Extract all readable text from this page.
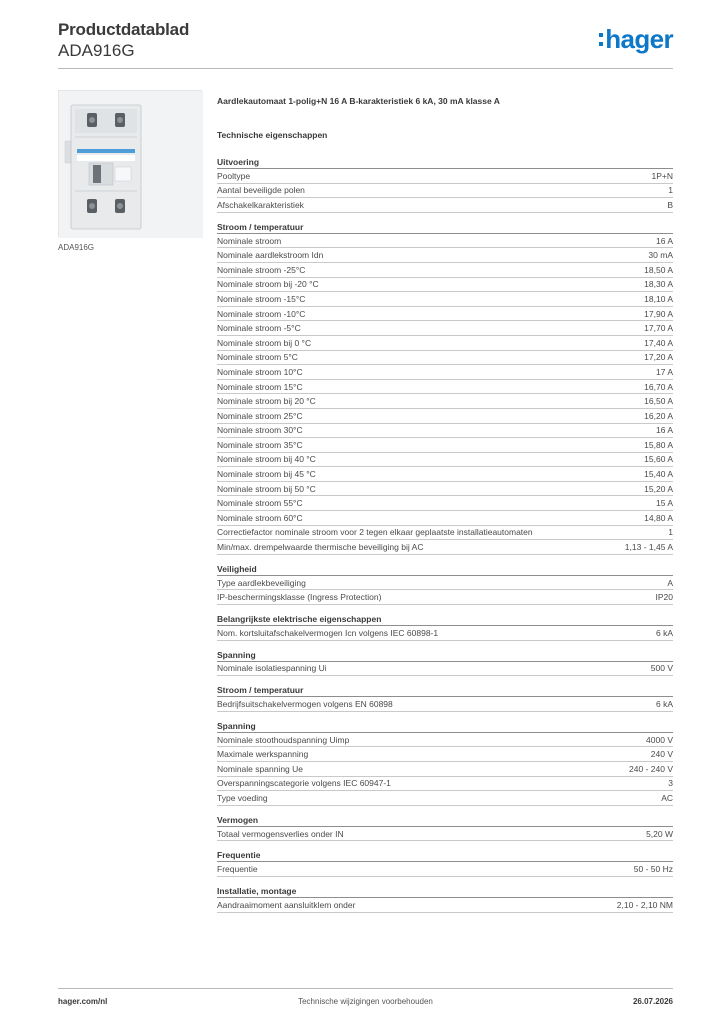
Productdatablad
ADA916G	hager
ADA916G
Aardlekautomaat 1-polig+N 16 A B-karakteristiek 6 kA, 30 mA klasse A
Technische eigenschappen
Uitvoering
Pooltype	1P+N
Aantal beveiligde polen	1
Afschakelkarakteristiek	B
Stroom / temperatuur
Nominale stroom	16 A
Nominale aardlekstroom Idn	30 mA
Nominale stroom -25°C	18,50 A
Nominale stroom bij -20 °C	18,30 A
Nominale stroom -15°C	18,10 A
Nominale stroom -10°C	17,90 A
Nominale stroom -5°C	17,70 A
Nominale stroom bij 0 °C	17,40 A
Nominale stroom 5°C	17,20 A
Nominale stroom 10°C	17 A
Nominale stroom 15°C	16,70 A
Nominale stroom bij 20 °C	16,50 A
Nominale stroom 25°C	16,20 A
Nominale stroom 30°C	16 A
Nominale stroom 35°C	15,80 A
Nominale stroom bij 40 °C	15,60 A
Nominale stroom bij 45 °C	15,40 A
Nominale stroom bij 50 °C	15,20 A
Nominale stroom 55°C	15 A
Nominale stroom 60°C	14,80 A
Correctiefactor nominale stroom voor 2 tegen elkaar geplaatste installatieautomaten	1
Min/max. drempelwaarde thermische beveiliging bij AC	1,13 - 1,45 A
Veiligheid
Type aardlekbeveiliging	A
IP-beschermingsklasse (Ingress Protection)	IP20
Belangrijkste elektrische eigenschappen
Nom. kortsluitafschakelvermogen Icn volgens IEC 60898-1	6 kA
Spanning
Nominale isolatiespanning Ui	500 V
Stroom / temperatuur
Bedrijfsuitschakelvermogen volgens EN 60898	6 kA
Spanning
Nominale stoothoudspanning Uimp	4000 V
Maximale werkspanning	240 V
Nominale spanning Ue	240 - 240 V
Overspanningscategorie volgens IEC 60947-1	3
Type voeding	AC
Vermogen
Totaal vermogensverlies onder IN	5,20 W
Frequentie
Frequentie	50 - 50 Hz
Installatie, montage
Aandraaimoment aansluitklem onder	2,10 - 2,10 NM
hager.com/nl	Technische wijzigingen voorbehouden	26.07.2026
